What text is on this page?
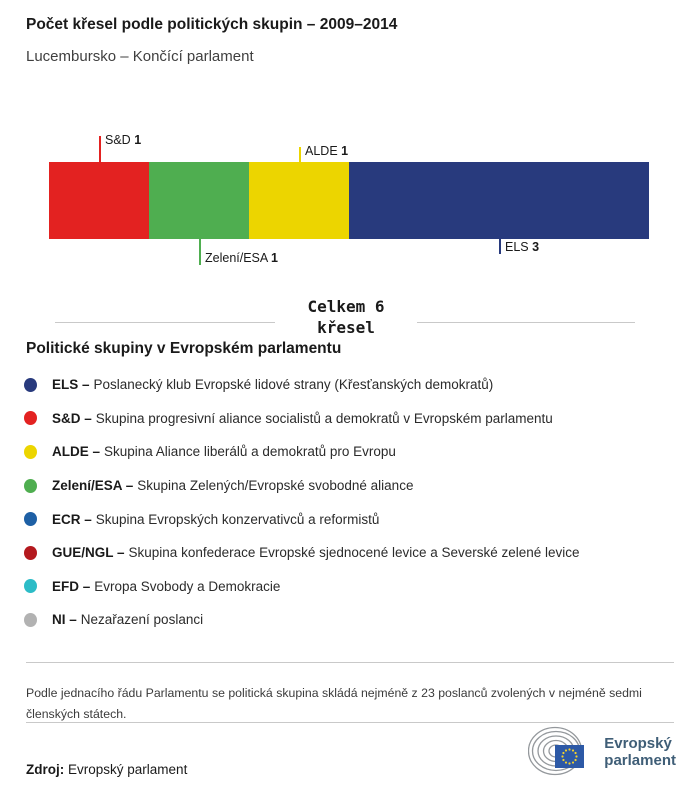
Počet křesel podle politických skupin – 2009–2014
Lucembursko – Končící parlament
S&D 1
Zelení/ESA 1
ALDE 1
ELS 3
Celkem 6
křesel
Politické skupiny v Evropském parlamentu
ELS – Poslanecký klub Evropské lidové strany (Křesťanských demokratů)
S&D – Skupina progresivní aliance socialistů a demokratů v Evropském parlamentu
ALDE – Skupina Aliance liberálů a demokratů pro Evropu
Zelení/ESA – Skupina Zelených/Evropské svobodné aliance
ECR – Skupina Evropských konzervativců a reformistů
GUE/NGL – Skupina konfederace Evropské sjednocené levice a Severské zelené levice
EFD – Evropa Svobody a Demokracie
NI – Nezařazení poslanci

Podle jednacího řádu Parlamentu se politická skupina skládá nejméně z 23 poslanců zvolených v nejméně sedmi členských státech.

Zdroj: Evropský parlament

Evropský
parlament
